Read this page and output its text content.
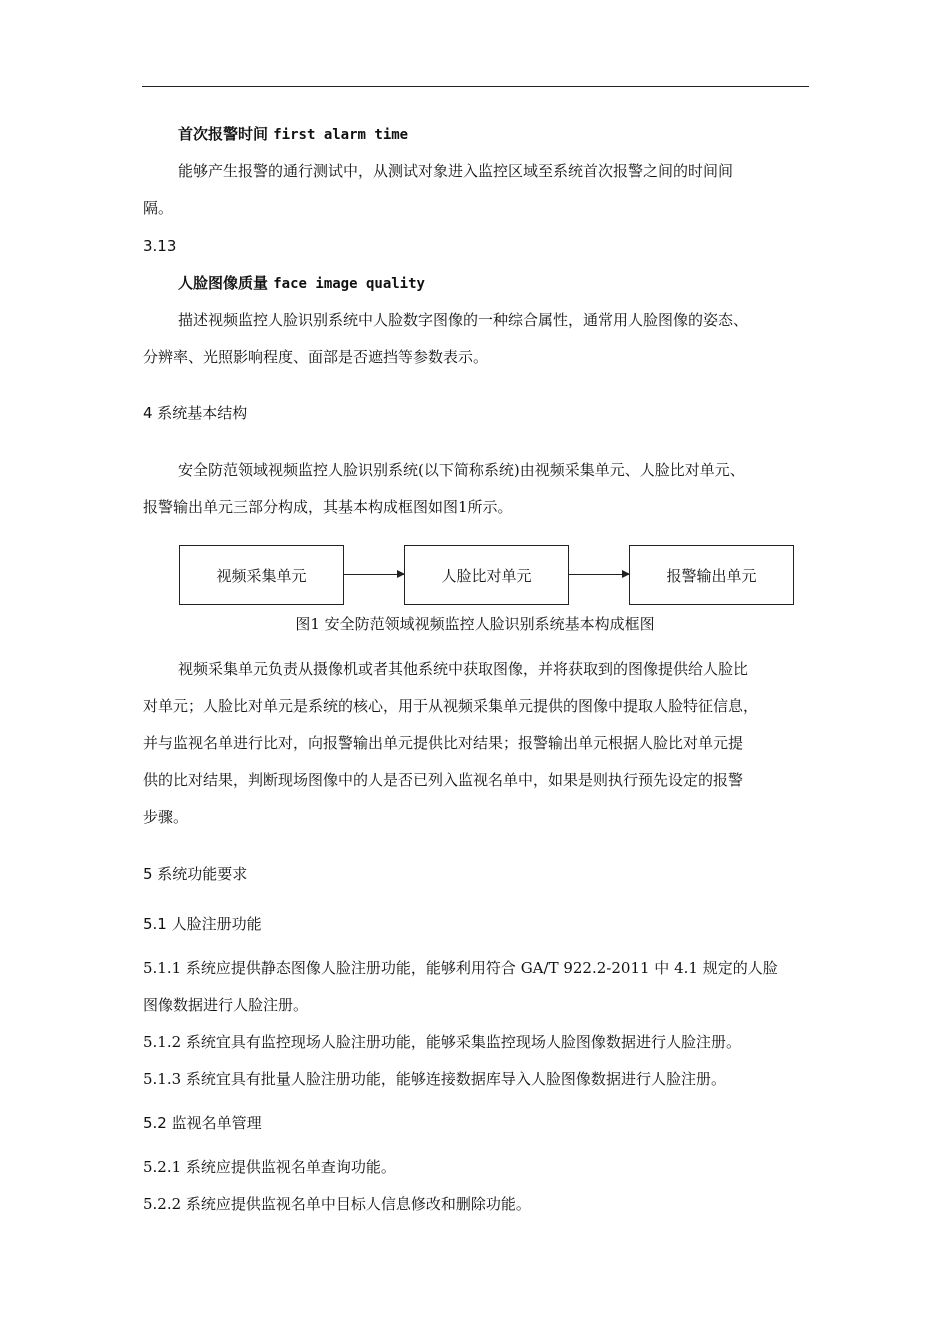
首次报警时间 first alarm time
能够产生报警的通行测试中，从测试对象进入监控区域至系统首次报警之间的时间间
隔。
3.13
人脸图像质量 face image quality
描述视频监控人脸识别系统中人脸数字图像的一种综合属性，通常用人脸图像的姿态、
分辨率、光照影响程度、面部是否遮挡等参数表示。
4 系统基本结构
安全防范领域视频监控人脸识别系统(以下简称系统)由视频采集单元、人脸比对单元、
报警输出单元三部分构成，其基本构成框图如图1所示。
视频采集单元	人脸比对单元	报警输出单元
图1 安全防范领域视频监控人脸识别系统基本构成框图
视频采集单元负责从摄像机或者其他系统中获取图像，并将获取到的图像提供给人脸比
对单元；人脸比对单元是系统的核心，用于从视频采集单元提供的图像中提取人脸特征信息，
并与监视名单进行比对，向报警输出单元提供比对结果；报警输出单元根据人脸比对单元提
供的比对结果，判断现场图像中的人是否已列入监视名单中，如果是则执行预先设定的报警
步骤。
5 系统功能要求
5.1 人脸注册功能
5.1.1 系统应提供静态图像人脸注册功能，能够利用符合 GA/T 922.2-2011 中 4.1 规定的人脸
图像数据进行人脸注册。
5.1.2 系统宜具有监控现场人脸注册功能，能够采集监控现场人脸图像数据进行人脸注册。
5.1.3 系统宜具有批量人脸注册功能，能够连接数据库导入人脸图像数据进行人脸注册。
5.2 监视名单管理
5.2.1 系统应提供监视名单查询功能。
5.2.2 系统应提供监视名单中目标人信息修改和删除功能。
